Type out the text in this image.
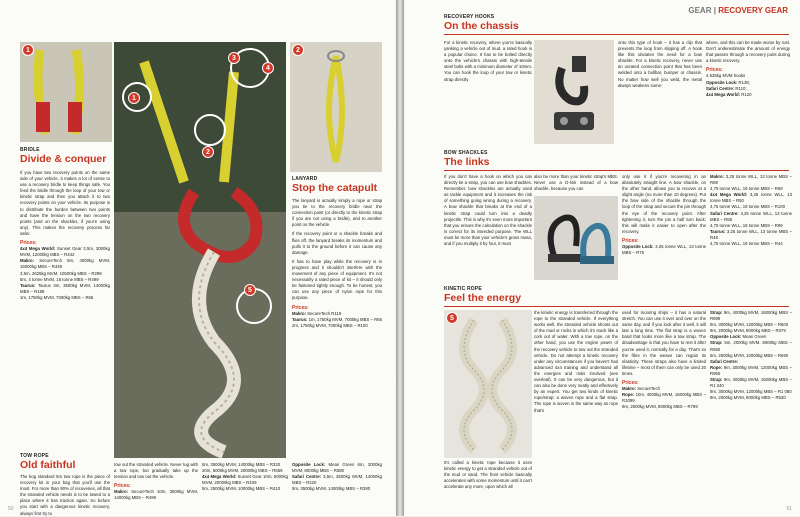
1
1
2
3
4
5
2
BRIDLE
Divide & conquer

If you have two recovery points on the same side of your vehicle, it makes a lot of sense to use a recovery bridle to keep things safe. You feed the bridle through the loop of your tow or kinetic strap and then you attach it to two recovery points on your vehicle. Its purpose is to distribute the burden between two points and have the tension on the two recovery points (and on the shackles, if you're using any). This makes the recovery process far safer.

Prices:
4x4 Mega World: Sunset Gear 2,5m, 3000kg MVM, 12000kg MBS – R442
Makro: SecureTech 5m, 4000kg MVM, 16000kg MBS – R449
3,5m, 2625kg MVM, 10500kg MBS – R299
5m, 4 tonne MVM, 16 tonne MBS – R499
Taurus: Taurus 3m, 3500kg MVM, 14000kg MBS – R188
1m, 1750kg MVM, 7000kg MBS – R65
LANYARD
Stop the catapult

The lanyard is actually simply a rope or strap you tie to the recovery bridle near the connection point (or directly to the kinetic strap if you are not using a bridle), and to another point on the vehicle.

If the recovery point or a shackle breaks and flies off, the lanyard breaks its momentum and pulls it to the ground before it can cause any damage.

It has to have play while the recovery is in progress and it shouldn't interfere with the movement of any piece of equipment. It's not necessarily a rated piece of kit – it should only be fastened tightly enough. To be honest, you can use any piece of nylon rope for this purpose.

Prices:
Makro: SecureTech R119
Taurus: 1m, 1750kg MVM, 7000kg MBS – R65
2m, 1750kg MVM, 7000kg MBS – R100
TOW ROPE
Old faithful

The bog standard 5m tow rope is the piece of recovery kit in your bag that you'll use the most. For more than 90% of recoveries, all that the stranded vehicle needs is to be towed to a place where it has traction again. So before you start with a dangerous kinetic recovery, always first try to

tow out the stranded vehicle. Never tug with a tow rope, but gradually take up the tension and tow out the vehicle.

Prices:
Makro: SecureTech 10m, 3500kg MVM, 14000kg MBS – R499
5m, 3500kg MVM, 14000kg MBS – R320
20m, 5000kg MVM, 20000kg MBS – R659
4x4 Mega World: Sunset Gear 10m, 5000kg MVM, 20000kg MBS – R439
5m, 2500kg MVM, 10000kg MBS – R410
Opposite Lock: Mean Green 6m, 2000kg MVM, 8000kg MBS – R580
Safari Centre: 3,5m, 3500kg MVM, 14000kg MBS – R220
5m, 3500kg MVM, 14000kg MBS – R380
50
GEAR | RECOVERY GEAR
RECOVERY HOOKS
On the chassis

For a kinetic recovery, where you're basically yanking a vehicle out of mud, a rated hook is a popular choice. It has to be bolted directly onto the vehicle's chassis with high-tensile steel bolts with a minimum diameter of 10mm. You can hook the loop of your tow or kinetic strap directly

onto this type of hook – it has a clip that prevents the loop from slipping off. A hook like this obviates the need for a bow shackle. For a kinetic recovery, never use an unrated connection point that has been welded onto a bullbar, bumper or chassis. No matter how well you weld, the metal always weakens some-

where, and this can be made worse by rust. Don't underestimate the amount of energy that passes through a recovery point during a kinetic recovery.

Prices:
4.535kg MVM hooks
Opposite Lock: R136;
Safari Centre: R110;
4x4 Mega World: R120
BOW SHACKLES
The links

If you don't have a hook on which you can directly tie a strap, you can use bow shackles. Remember, bow shackles are actually used as tackle equipment and it increases the risk of something going wrong during a recovery. A bow shackle that breaks at the end of a kinetic strap could turn into a deadly projectile. This is why it's even more important that you ensure the calculation on the shackle is correct for its intended purpose. The WLL must be more than your vehicle's gross mass, and if you multiply it by four, it must

also be more than your kinetic strap's MBS. Never use a D-link instead of a bow shackle, because you can

only use it if you're recovering in an absolutely straight line. A bow shackle, on the other hand, allows you to recover at a slight angle (no more than 10 degrees). Put the bow side of the shackle through the loop of the strap and secure the pin through the eye of the recovery point. After tightening it, turn the pin a half turn back; this will make it easier to open after the recovery.

Prices:
Opposite Lock: 3,25 tonne WLL, 13 tonne MBS – R75
Makro: 3,25 tonne WLL, 13 tonne MBS – R69
4,75 tonne WLL, 19 tonne MBS – R69
4x4 Mega World: 3,25 tonne WLL, 13 tonne MBS – R50
4,75 tonne WLL, 19 tonne MBS – R100
Safari Centre: 3,25 tonne WLL, 13 tonne MBS – R68
4,75 tonne WLL, 19 tonne MBS – R99
Taurus: 3,25 tonne WLL, 13 tonne MBS – R48
4,75 tonne WLL, 19 tonne MBS – R44
KINETIC ROPE
Feel the energy
5

It's called a kinetic rope because it uses kinetic energy to get a stranded vehicle out of the mud or sand. The front vehicle basically accelerates with some momentum until it can't accelerate any more, upon which all

the kinetic energy is transferred through the rope to the stranded vehicle. If everything works well, the stranded vehicle shoots out of the mud or rocks in which it's stuck like a cork out of water. With a tow rope, on the other hand, you use the engine power of the recovery vehicle to tow out the stranded vehicle. Do not attempt a kinetic recovery under any circumstances if you haven't had advanced 4x4 training and understand all the energies and risks involved (see overleaf). It can be very dangerous, but it can also be done very neatly and effectively by an expert. You get two kinds of kinetic rope/strap: a woven rope and a flat strap. The rope is woven in the same way as rope that's

used for mooring ships – it has a natural stretch. You can use it over and over on the same day, and if you look after it well, it will last a long time. The flat strap is a woven band that looks more like a tow strap. The disadvantage is that you have to rest it after you've used it, normally for a day. That's so the fibre in the weave can regain its elasticity. These straps also have a limited lifetime – most of them can only be used 20 times.

Prices:
Makro: SecureTech
Rope: 10m, 4000kg MVM, 16000kg MBS – R1099
9m, 2000kg MVM, 8000kg MBS – R799
Strap: 9m, 4000kg MVM, 16000kg MBS – R699
9m, 3000kg MVM, 12000kg MBS – R600
9m, 2000kg MVM, 8000kg MBS – R379
Opposite Lock: Mean Green
Strap: 5m, 2000kg MVM, 8000kg MBS – R650
5m, 2500kg MVM, 10000kg MBS – R690
Safari Centre:
Rope: 9m, 3000kg MVM, 12000kg MBS – R950
Strap: 9m, 4000kg MVM, 16000kg MBS – R1 340
9m, 3000kg MVM, 12000kg MBS – R1 080
9m, 2000kg MVM, 8000kg MBS – R530
51
